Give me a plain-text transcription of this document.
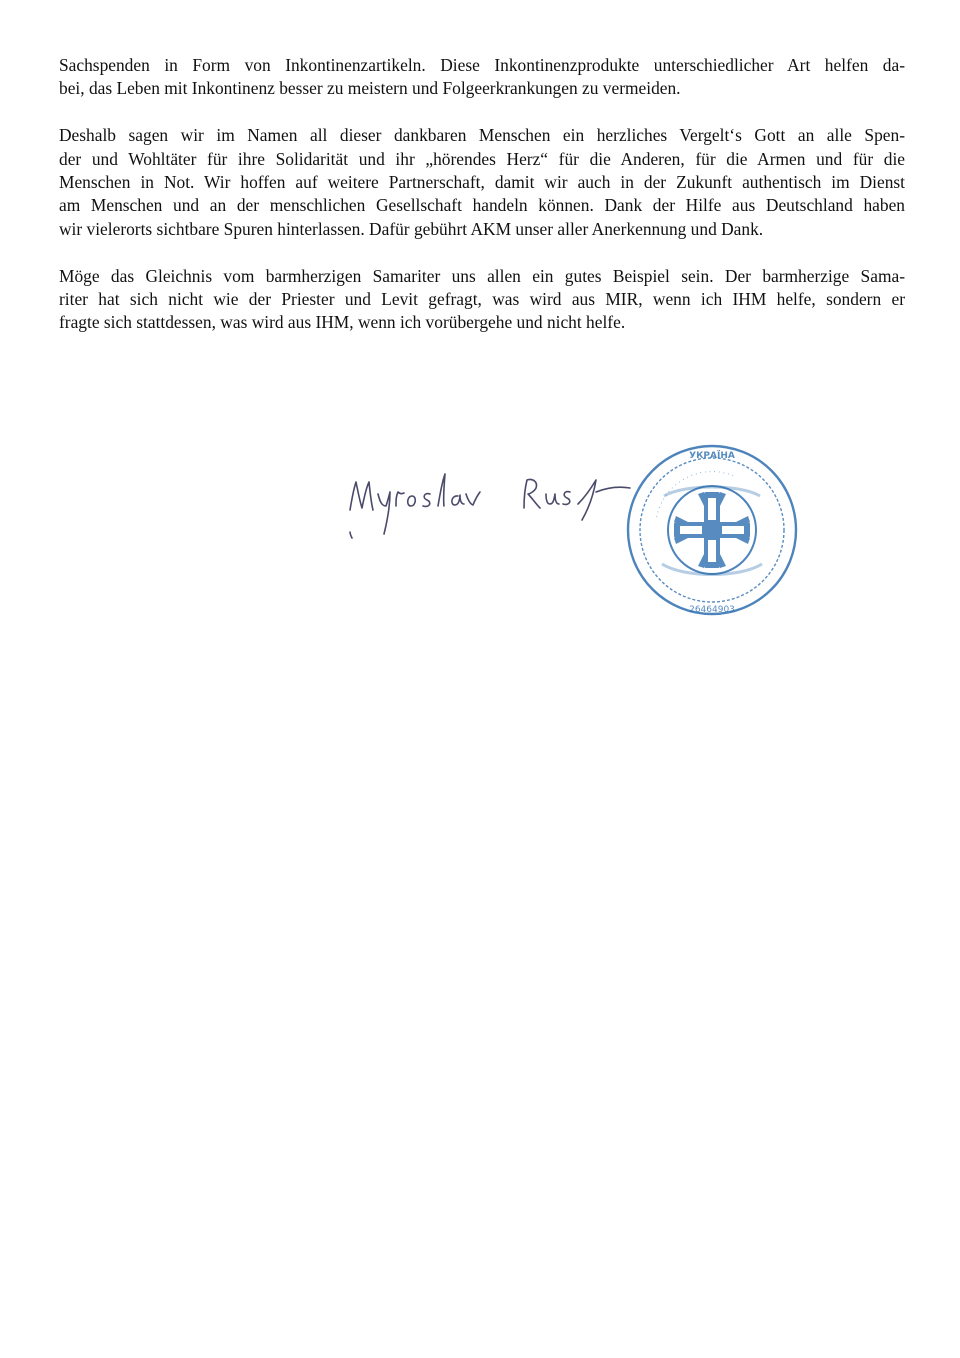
Sachspenden in Form von Inkontinenzartikeln. Diese Inkontinenzprodukte unterschiedlicher Art helfen da-
bei, das Leben mit Inkontinenz besser zu meistern und Folgeerkrankungen zu vermeiden.

Deshalb sagen wir im Namen all dieser dankbaren Menschen ein herzliches Vergelt‘s Gott an alle Spen-
der und Wohltäter für ihre Solidarität und ihr „hörendes Herz“ für die Anderen, für die Armen und für die
Menschen in Not. Wir hoffen auf weitere Partnerschaft, damit wir auch in der Zukunft authentisch im Dienst
am Menschen und an der menschlichen Gesellschaft handeln können. Dank der Hilfe aus Deutschland haben
wir vielerorts sichtbare Spuren hinterlassen. Dafür gebührt AKM unser aller Anerkennung und Dank.

Möge das Gleichnis vom barmherzigen Samariter uns allen ein gutes Beispiel sein. Der barmherzige Sama-
riter hat sich nicht wie der Priester und Levit gefragt, was wird aus MIR, wenn ich IHM helfe, sondern er
fragte sich stattdessen, was wird aus IHM, wenn ich vorübergehe und nicht helfe.

· · · · · · · · · · · · · · · · · · · · · ·
УКРАЇНА
26464903
